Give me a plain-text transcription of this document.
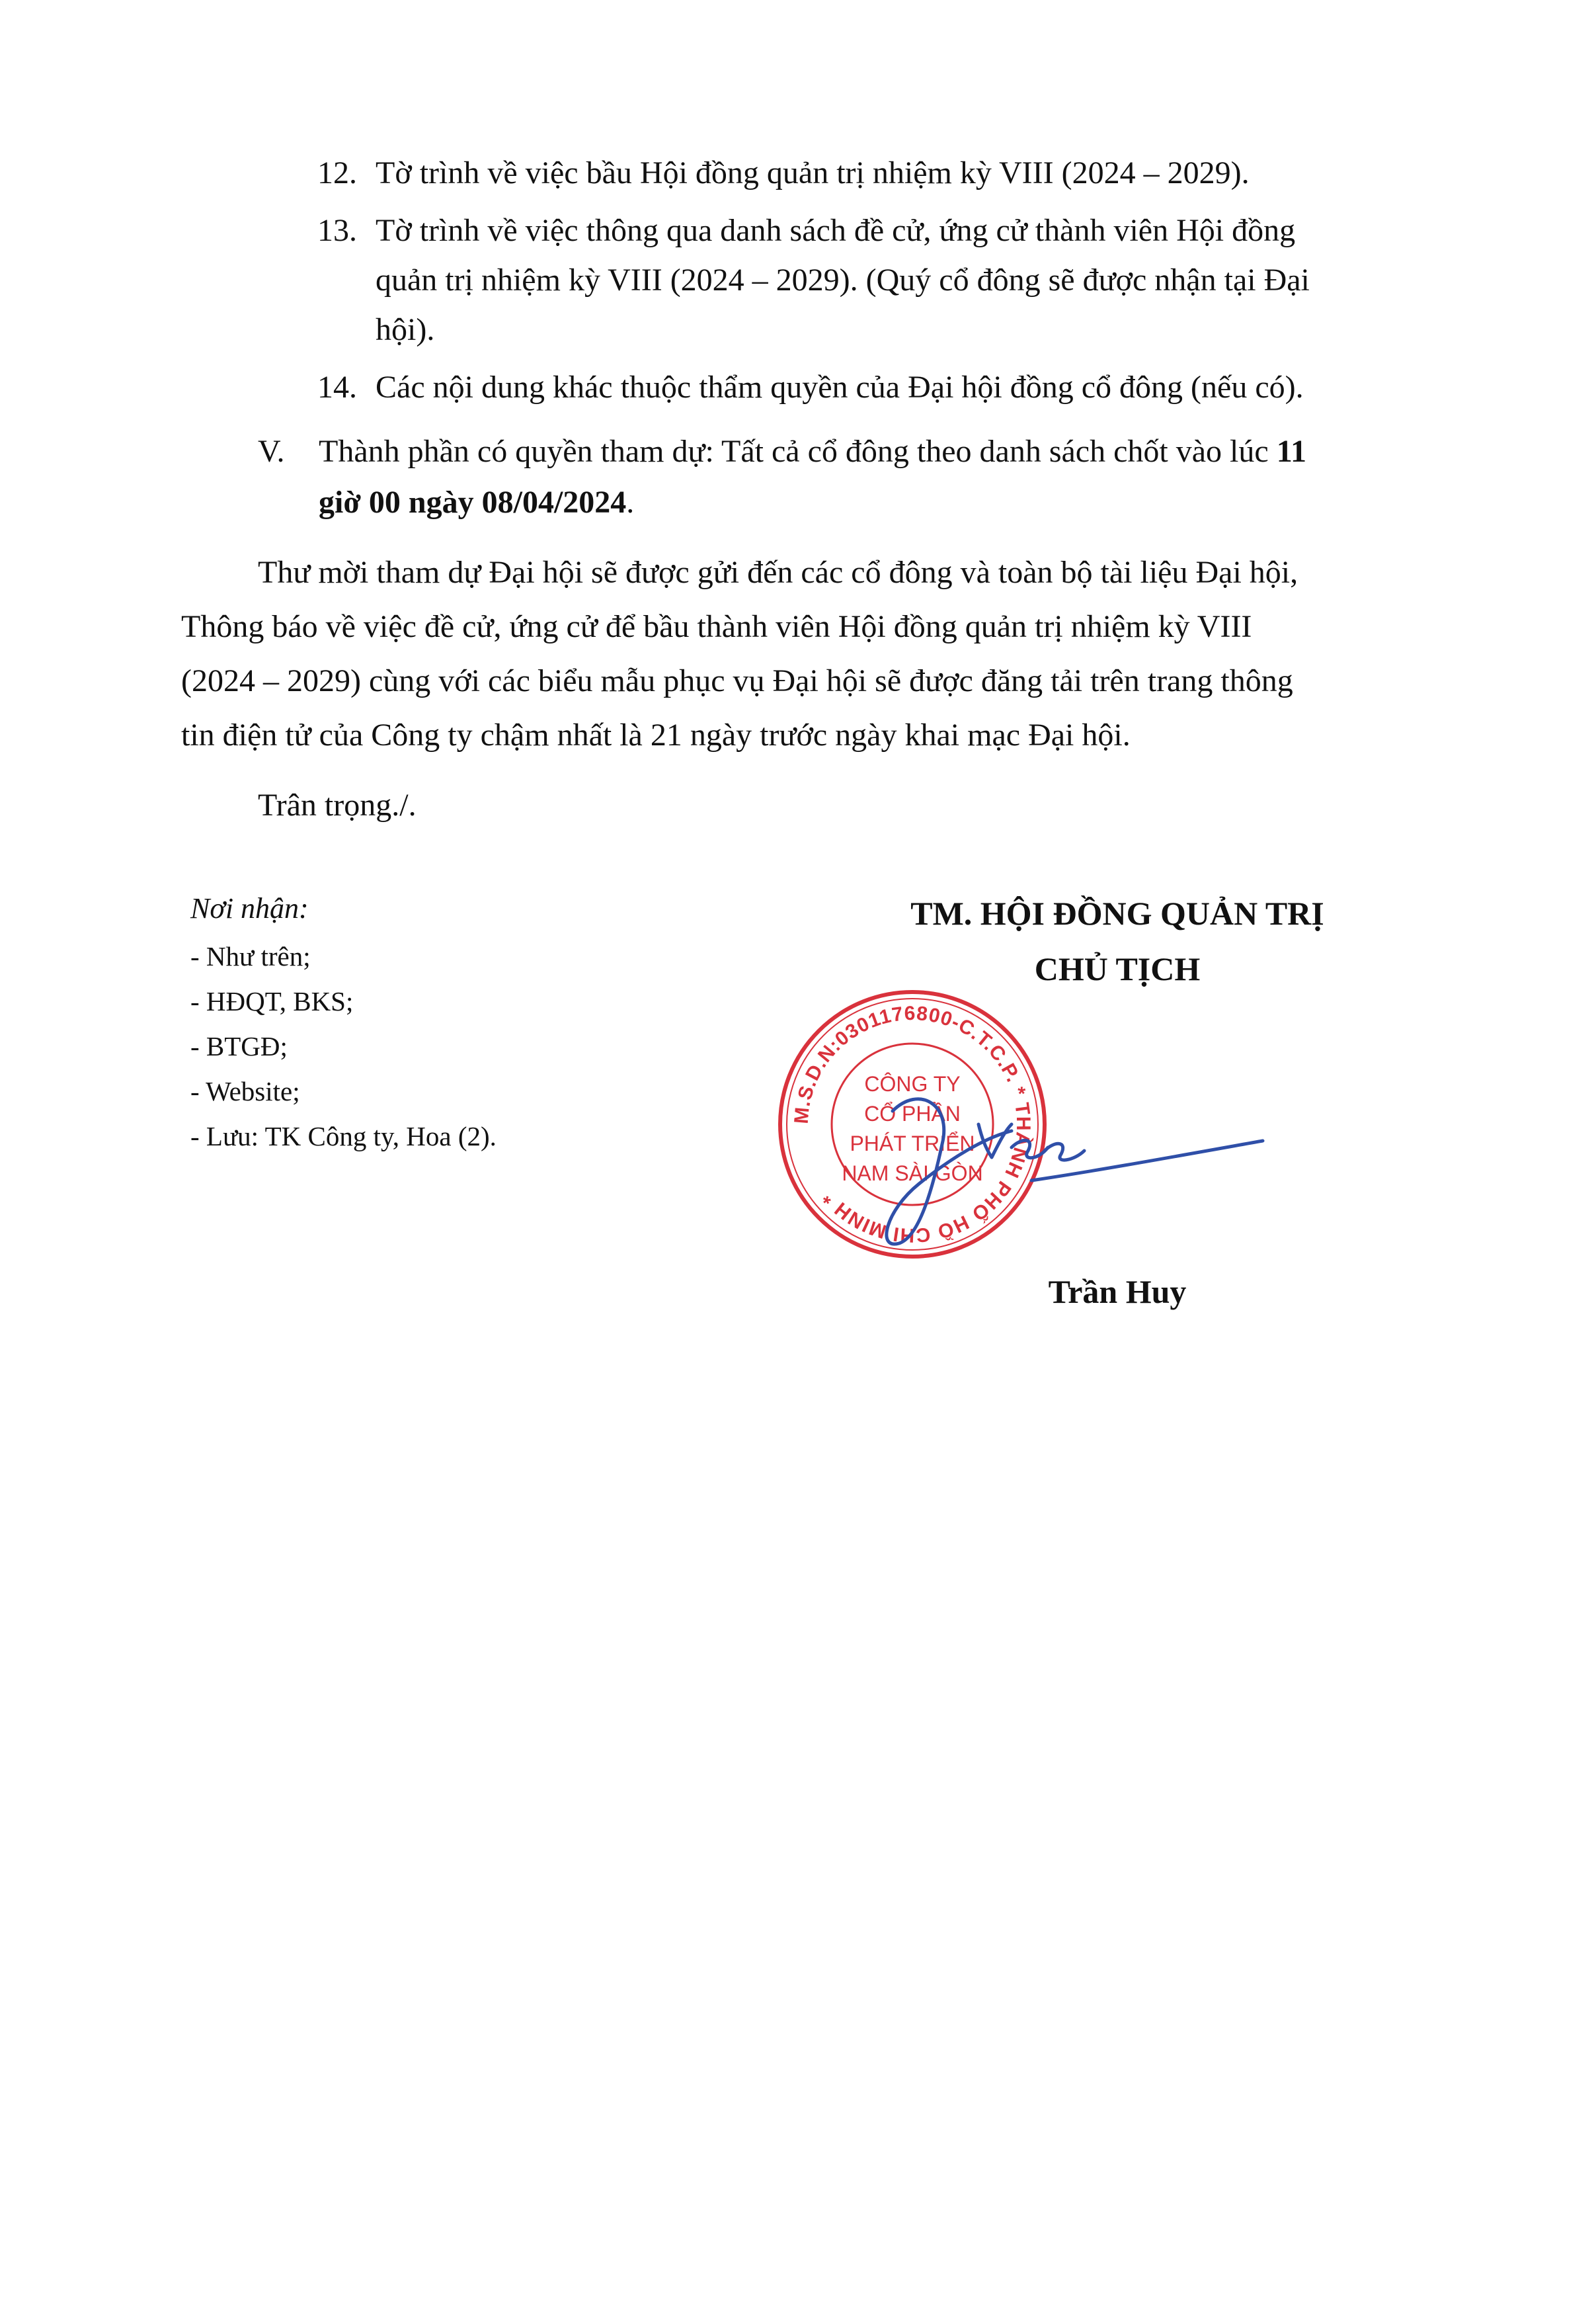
12. Tờ trình về việc bầu Hội đồng quản trị nhiệm kỳ VIII (2024 – 2029).
13. Tờ trình về việc thông qua danh sách đề cử, ứng cử thành viên Hội đồng
quản trị nhiệm kỳ VIII (2024 – 2029). (Quý cổ đông sẽ được nhận tại Đại
hội).
14. Các nội dung khác thuộc thẩm quyền của Đại hội đồng cổ đông (nếu có).
V. Thành phần có quyền tham dự: Tất cả cổ đông theo danh sách chốt vào lúc 11
giờ 00 ngày 08/04/2024.
Thư mời tham dự Đại hội sẽ được gửi đến các cổ đông và toàn bộ tài liệu Đại hội,
Thông báo về việc đề cử, ứng cử để bầu thành viên Hội đồng quản trị nhiệm kỳ VIII
(2024 – 2029) cùng với các biểu mẫu phục vụ Đại hội sẽ được đăng tải trên trang thông
tin điện tử của Công ty chậm nhất là 21 ngày trước ngày khai mạc Đại hội.
Trân trọng./.
Nơi nhận:
- Như trên;
- HĐQT, BKS;
- BTGĐ;
- Website;
- Lưu: TK Công ty, Hoa (2).
TM. HỘI ĐỒNG QUẢN TRỊ
CHỦ TỊCH
M.S.D.N:0301176800-C.T.C.P. * THÀNH PHỐ HỒ CHÍ MINH *
CÔNG TY
CỔ PHẦN
PHÁT TRIỂN
NAM SÀI GÒN
Trần Huy
